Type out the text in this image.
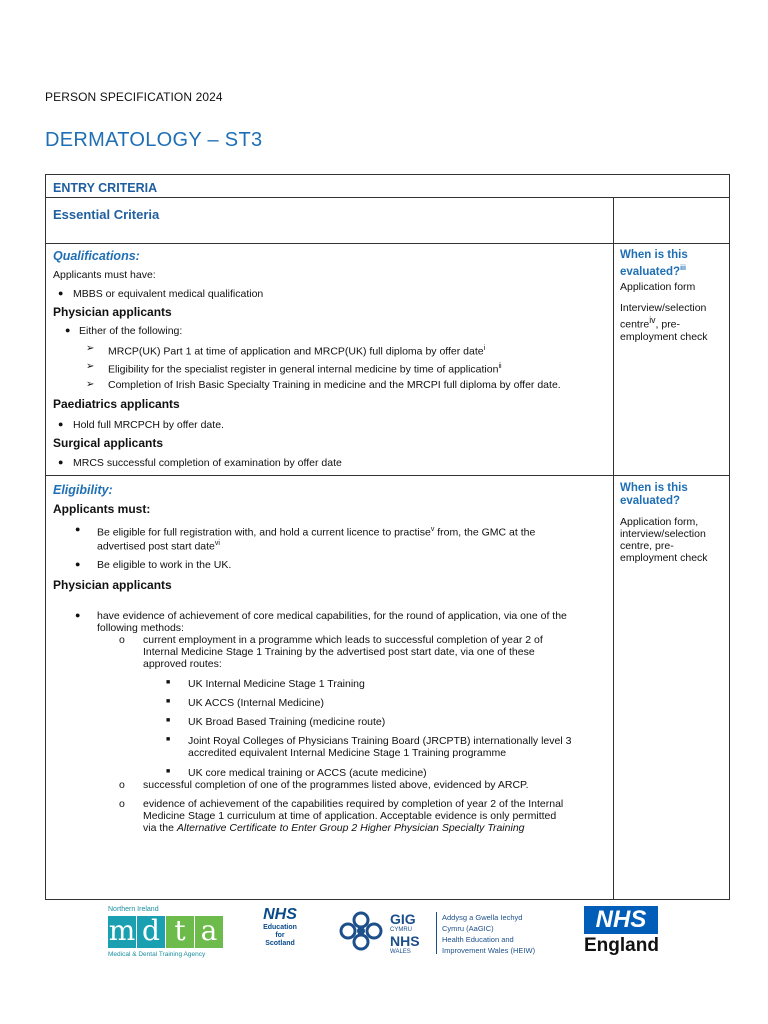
PERSON SPECIFICATION 2024
DERMATOLOGY – ST3
ENTRY CRITERIA
Essential Criteria
Qualifications:
Applicants must have:
● MBBS or equivalent medical qualification
Physician applicants
● Either of the following:
➢ MRCP(UK) Part 1 at time of application and MRCP(UK) full diploma by offer date$^i$
➢ Eligibility for the specialist register in general internal medicine by time of application$^{ii}$
➢ Completion of Irish Basic Specialty Training in medicine and the MRCPI full diploma by offer date.
Paediatrics applicants
● Hold full MRCPCH by offer date.
Surgical applicants
● MRCS successful completion of examination by offer date
When is this evaluated?$^{iii}$
Application form
Interview/selection centre$^{iv}$, pre-employment check
Eligibility:
Applicants must:
● Be eligible for full registration with, and hold a current licence to practise$^v$ from, the GMC at the
advertised post start date$^{vi}$
● Be eligible to work in the UK.
Physician applicants
● have evidence of achievement of core medical capabilities, for the round of application, via one of the
following methods:
o current employment in a programme which leads to successful completion of year 2 of
Internal Medicine Stage 1 Training by the advertised post start date, via one of these
approved routes:
■ UK Internal Medicine Stage 1 Training
■ UK ACCS (Internal Medicine)
■ UK Broad Based Training (medicine route)
■ Joint Royal Colleges of Physicians Training Board (JRCPTB) internationally level 3
accredited equivalent Internal Medicine Stage 1 Training programme
■ UK core medical training or ACCS (acute medicine)
o successful completion of one of the programmes listed above, evidenced by ARCP.
o evidence of achievement of the capabilities required by completion of year 2 of the Internal
Medicine Stage 1 curriculum at time of application. Acceptable evidence is only permitted
via the Alternative Certificate to Enter Group 2 Higher Physician Specialty Training
When is this evaluated?
Application form, interview/selection centre, pre-employment check
Northern Ireland
m d t a
Medical & Dental Training Agency
NHS
Education
for
Scotland
GIG
CYMRU
NHS
WALES
Addysg a Gwella Iechyd
Cymru (AaGIC)
Health Education and
Improvement Wales (HEIW)
NHS
England
